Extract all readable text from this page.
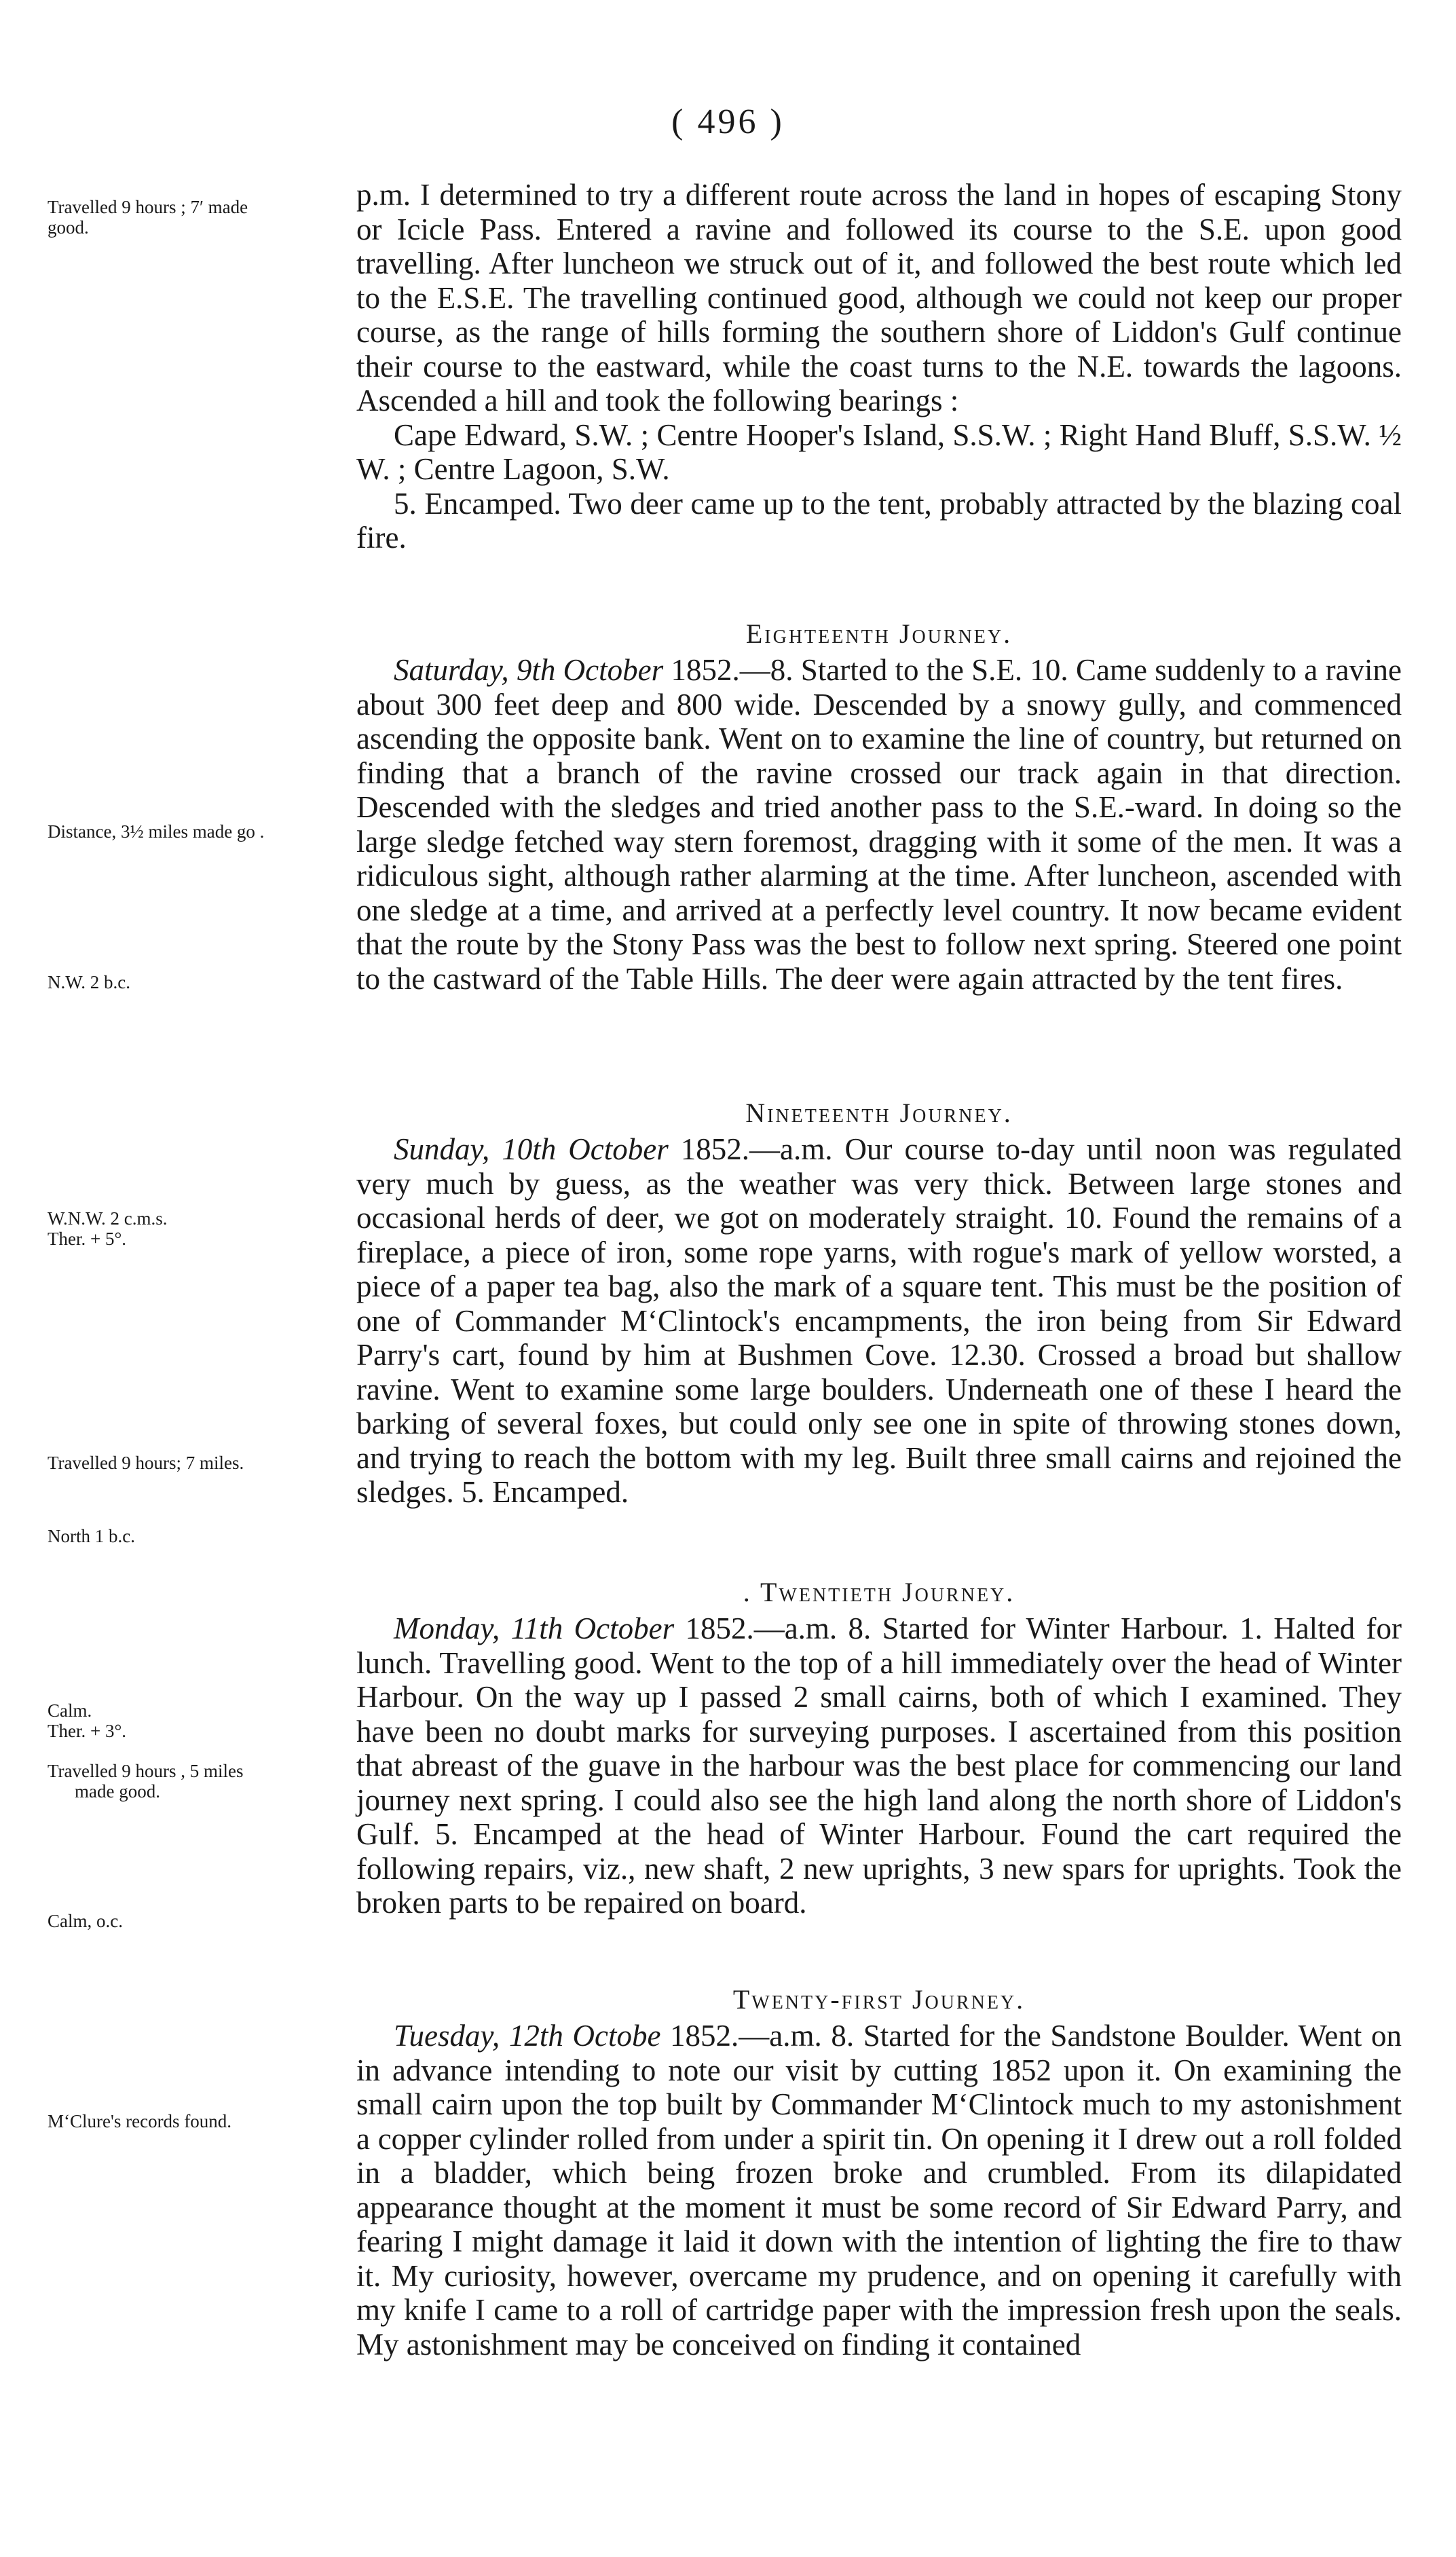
( 496 )
Travelled 9 hours ; 7′ made
good.
Distance, 3½ miles made go .
N.W. 2 b.c.
W.N.W. 2 c.m.s.
Ther. + 5°.
Travelled 9 hours; 7 miles.
North 1 b.c.
Calm.
Ther. + 3°.
Travelled 9 hours , 5 miles
made good.
Calm, o.c.
M‘Clure's records found.

p.m. I determined to try a different route across the land in hopes of escaping Stony or Icicle Pass. Entered a ravine and followed its course to the S.E. upon good travelling. After luncheon we struck out of it, and followed the best route which led to the E.S.E. The travelling continued good, although we could not keep our proper course, as the range of hills forming the southern shore of Liddon's Gulf continue their course to the eastward, while the coast turns to the N.E. towards the lagoons. Ascended a hill and took the following bearings :

Cape Edward, S.W. ; Centre Hooper's Island, S.S.W. ; Right Hand Bluff, S.S.W. ½ W. ; Centre Lagoon, S.W.

5. Encamped. Two deer came up to the tent, probably attracted by the blazing coal fire.

Eighteenth Journey.

Saturday, 9th October 1852.—8. Started to the S.E. 10. Came suddenly to a ravine about 300 feet deep and 800 wide. Descended by a snowy gully, and commenced ascending the opposite bank. Went on to examine the line of country, but returned on finding that a branch of the ravine crossed our track again in that direction. Descended with the sledges and tried another pass to the S.E.-ward. In doing so the large sledge fetched way stern foremost, dragging with it some of the men. It was a ridiculous sight, although rather alarming at the time. After luncheon, ascended with one sledge at a time, and arrived at a perfectly level country. It now became evident that the route by the Stony Pass was the best to follow next spring. Steered one point to the castward of the Table Hills. The deer were again attracted by the tent fires.

Nineteenth Journey.

Sunday, 10th October 1852.—a.m. Our course to-day until noon was regulated very much by guess, as the weather was very thick. Between large stones and occasional herds of deer, we got on moderately straight. 10. Found the remains of a fireplace, a piece of iron, some rope yarns, with rogue's mark of yellow worsted, a piece of a paper tea bag, also the mark of a square tent. This must be the position of one of Commander M‘Clintock's encampments, the iron being from Sir Edward Parry's cart, found by him at Bushmen Cove. 12.30. Crossed a broad but shallow ravine. Went to examine some large boulders. Underneath one of these I heard the barking of several foxes, but could only see one in spite of throwing stones down, and trying to reach the bottom with my leg. Built three small cairns and rejoined the sledges. 5. Encamped.

. Twentieth Journey.

Monday, 11th October 1852.—a.m. 8. Started for Winter Harbour. 1. Halted for lunch. Travelling good. Went to the top of a hill immediately over the head of Winter Harbour. On the way up I passed 2 small cairns, both of which I examined. They have been no doubt marks for surveying purposes. I ascertained from this position that abreast of the guave in the harbour was the best place for commencing our land journey next spring. I could also see the high land along the north shore of Liddon's Gulf. 5. Encamped at the head of Winter Harbour. Found the cart required the following repairs, viz., new shaft, 2 new uprights, 3 new spars for uprights. Took the broken parts to be repaired on board.

Twenty-first Journey.

Tuesday, 12th Octobe 1852.—a.m. 8. Started for the Sandstone Boulder. Went on in advance intending to note our visit by cutting 1852 upon it. On examining the small cairn upon the top built by Commander M‘Clintock much to my astonishment a copper cylinder rolled from under a spirit tin. On opening it I drew out a roll folded in a bladder, which being frozen broke and crumbled. From its dilapidated appearance thought at the moment it must be some record of Sir Edward Parry, and fearing I might damage it laid it down with the intention of lighting the fire to thaw it. My curiosity, however, overcame my prudence, and on opening it carefully with my knife I came to a roll of cartridge paper with the impression fresh upon the seals. My astonishment may be conceived on finding it contained
